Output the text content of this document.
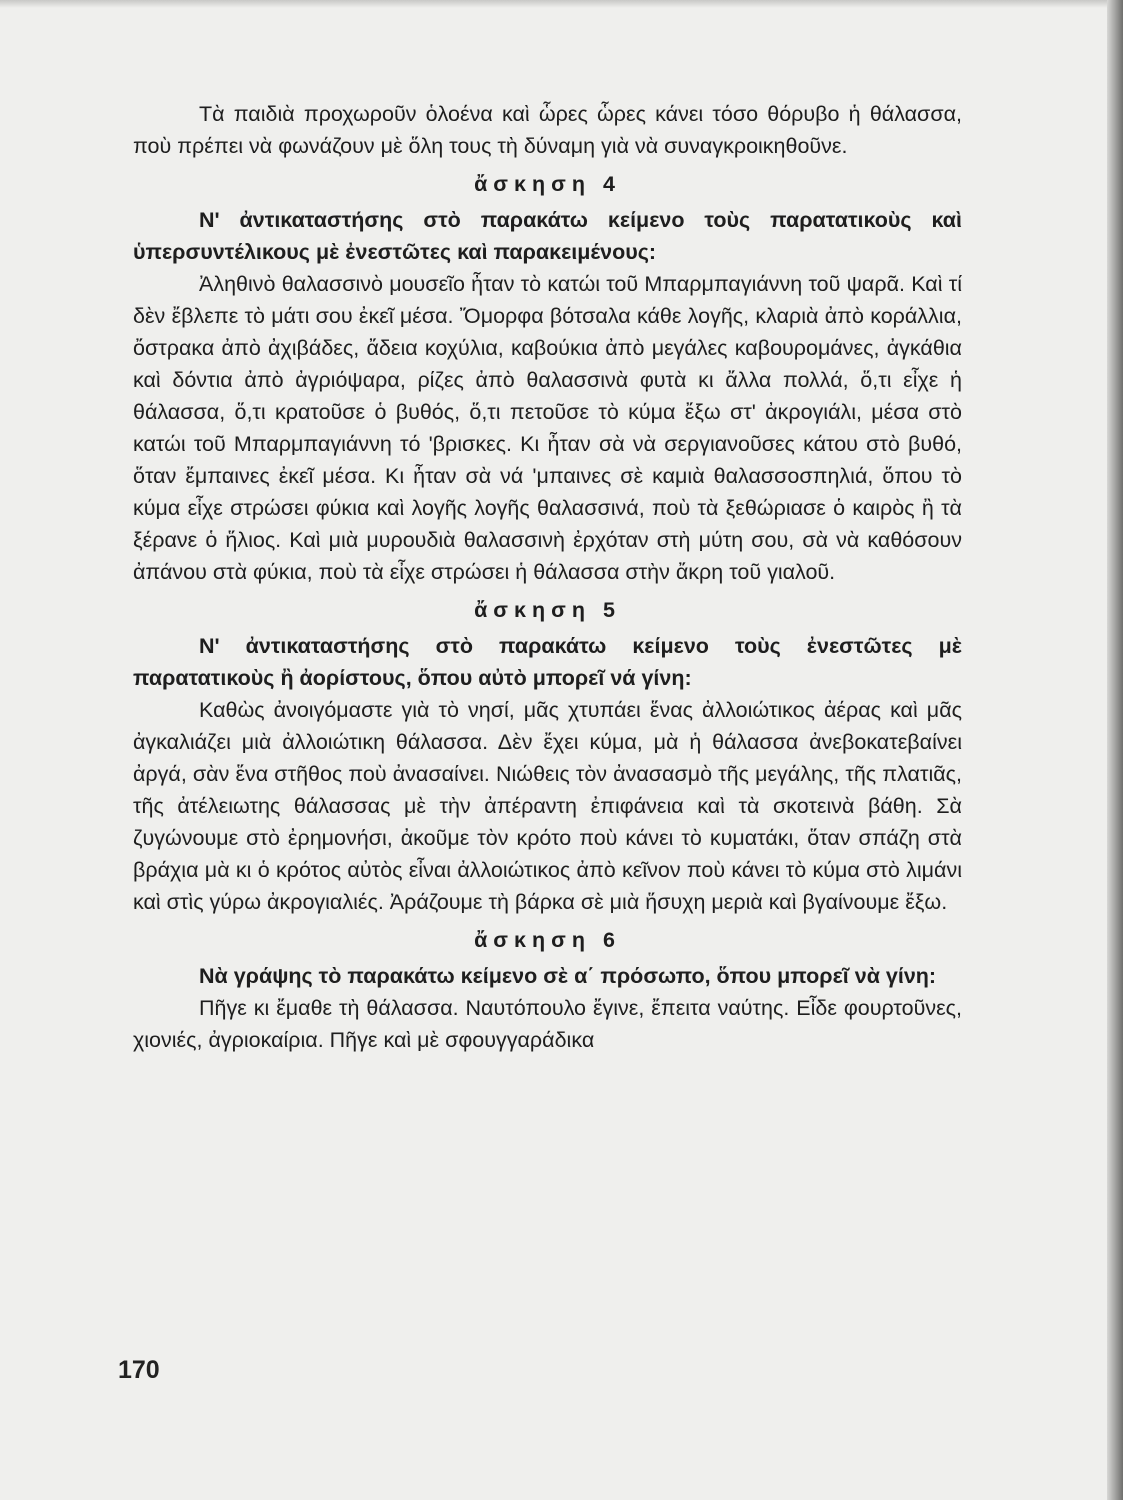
Τὰ παιδιὰ προχωροῦν ὁλοένα καὶ ὧρες ὧρες κάνει τόσο θόρυβο ἡ θάλασσα, ποὺ πρέπει νὰ φωνάζουν μὲ ὅλη τους τὴ δύναμη γιὰ νὰ συναγκροικηθοῦνε.

ἄσκηση 4

Ν' ἀντικαταστήσης στὸ παρακάτω κείμενο τοὺς παρατατικοὺς καὶ ὑπερσυντέλικους μὲ ἐνεστῶτες καὶ παρακειμένους:

Ἀληθινὸ θαλασσινὸ μουσεῖο ἦταν τὸ κατώι τοῦ Μπαρμπαγιάννη τοῦ ψαρᾶ. Καὶ τί δὲν ἔβλεπε τὸ μάτι σου ἐκεῖ μέσα. Ὄμορφα βότσαλα κάθε λογῆς, κλαριὰ ἀπὸ κοράλλια, ὄστρακα ἀπὸ ἀχιβάδες, ἄδεια κοχύλια, καβούκια ἀπὸ μεγάλες καβουρομάνες, ἀγκάθια καὶ δόντια ἀπὸ ἀγριόψαρα, ρίζες ἀπὸ θαλασσινὰ φυτὰ κι ἄλλα πολλά, ὅ,τι εἶχε ἡ θάλασσα, ὅ,τι κρατοῦσε ὁ βυθός, ὅ,τι πετοῦσε τὸ κύμα ἔξω στ' ἀκρογιάλι, μέσα στὸ κατώι τοῦ Μπαρμπαγιάννη τό 'βρισκες. Κι ἦταν σὰ νὰ σεργιανοῦσες κάτου στὸ βυθό, ὅταν ἔμπαινες ἐκεῖ μέσα. Κι ἦταν σὰ νά 'μπαινες σὲ καμιὰ θαλασσοσπηλιά, ὅπου τὸ κύμα εἶχε στρώσει φύκια καὶ λογῆς λογῆς θαλασσινά, ποὺ τὰ ξεθώριασε ὁ καιρὸς ἢ τὰ ξέρανε ὁ ἥλιος. Καὶ μιὰ μυρουδιὰ θαλασσινὴ ἐρχόταν στὴ μύτη σου, σὰ νὰ καθόσουν ἀπάνου στὰ φύκια, ποὺ τὰ εἶχε στρώσει ἡ θάλασσα στὴν ἄκρη τοῦ γιαλοῦ.

ἄσκηση 5

Ν' ἀντικαταστήσης στὸ παρακάτω κείμενο τοὺς ἐνεστῶτες μὲ παρατατικοὺς ἢ ἀορίστους, ὅπου αὐτὸ μπορεῖ νά γίνη:

Καθὼς ἀνοιγόμαστε γιὰ τὸ νησί, μᾶς χτυπάει ἕνας ἀλλοιώτικος ἀέρας καὶ μᾶς ἀγκαλιάζει μιὰ ἀλλοιώτικη θάλασσα. Δὲν ἔχει κύμα, μὰ ἡ θάλασσα ἀνεβοκατεβαίνει ἀργά, σὰν ἕνα στῆθος ποὺ ἀνασαίνει. Νιώθεις τὸν ἀνασασμὸ τῆς μεγάλης, τῆς πλατιᾶς, τῆς ἀτέλειωτης θάλασσας μὲ τὴν ἀπέραντη ἐπιφάνεια καὶ τὰ σκοτεινὰ βάθη. Σὰ ζυγώνουμε στὸ ἐρημονήσι, ἀκοῦμε τὸν κρότο ποὺ κάνει τὸ κυματάκι, ὅταν σπάζη στὰ βράχια μὰ κι ὁ κρότος αὐτὸς εἶναι ἀλλοιώτικος ἀπὸ κεῖνον ποὺ κάνει τὸ κύμα στὸ λιμάνι καὶ στὶς γύρω ἀκρογιαλιές. Ἀράζουμε τὴ βάρκα σὲ μιὰ ἥσυχη μεριὰ καὶ βγαίνουμε ἔξω.

ἄσκηση 6

Νὰ γράψης τὸ παρακάτω κείμενο σὲ α΄ πρόσωπο, ὅπου μπορεῖ νὰ γίνη:

Πῆγε κι ἔμαθε τὴ θάλασσα. Ναυτόπουλο ἔγινε, ἔπειτα ναύτης. Εἶδε φουρτοῦνες, χιονιές, ἀγριοκαίρια. Πῆγε καὶ μὲ σφουγγαράδικα

170
